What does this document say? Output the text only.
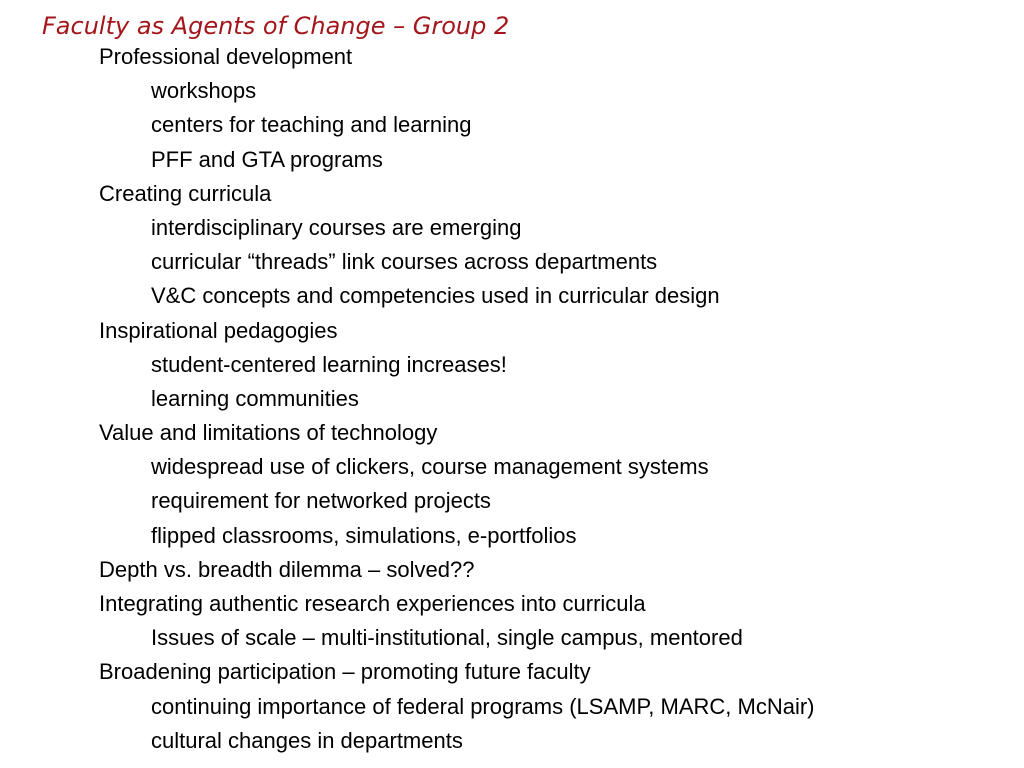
Faculty as Agents of Change – Group 2
Professional development
workshops
centers for teaching and learning
PFF and GTA programs
Creating curricula
interdisciplinary courses are emerging
curricular “threads” link courses across departments
V&C concepts and competencies used in curricular design
Inspirational pedagogies
student-centered learning increases!
learning communities
Value and limitations of technology
widespread use of clickers, course management systems
requirement for networked projects
flipped classrooms, simulations, e-portfolios
Depth vs. breadth dilemma – solved??
Integrating authentic research experiences into curricula
Issues of scale – multi-institutional, single campus, mentored
Broadening participation – promoting future faculty
continuing importance of federal programs (LSAMP, MARC, McNair)
cultural changes in departments
